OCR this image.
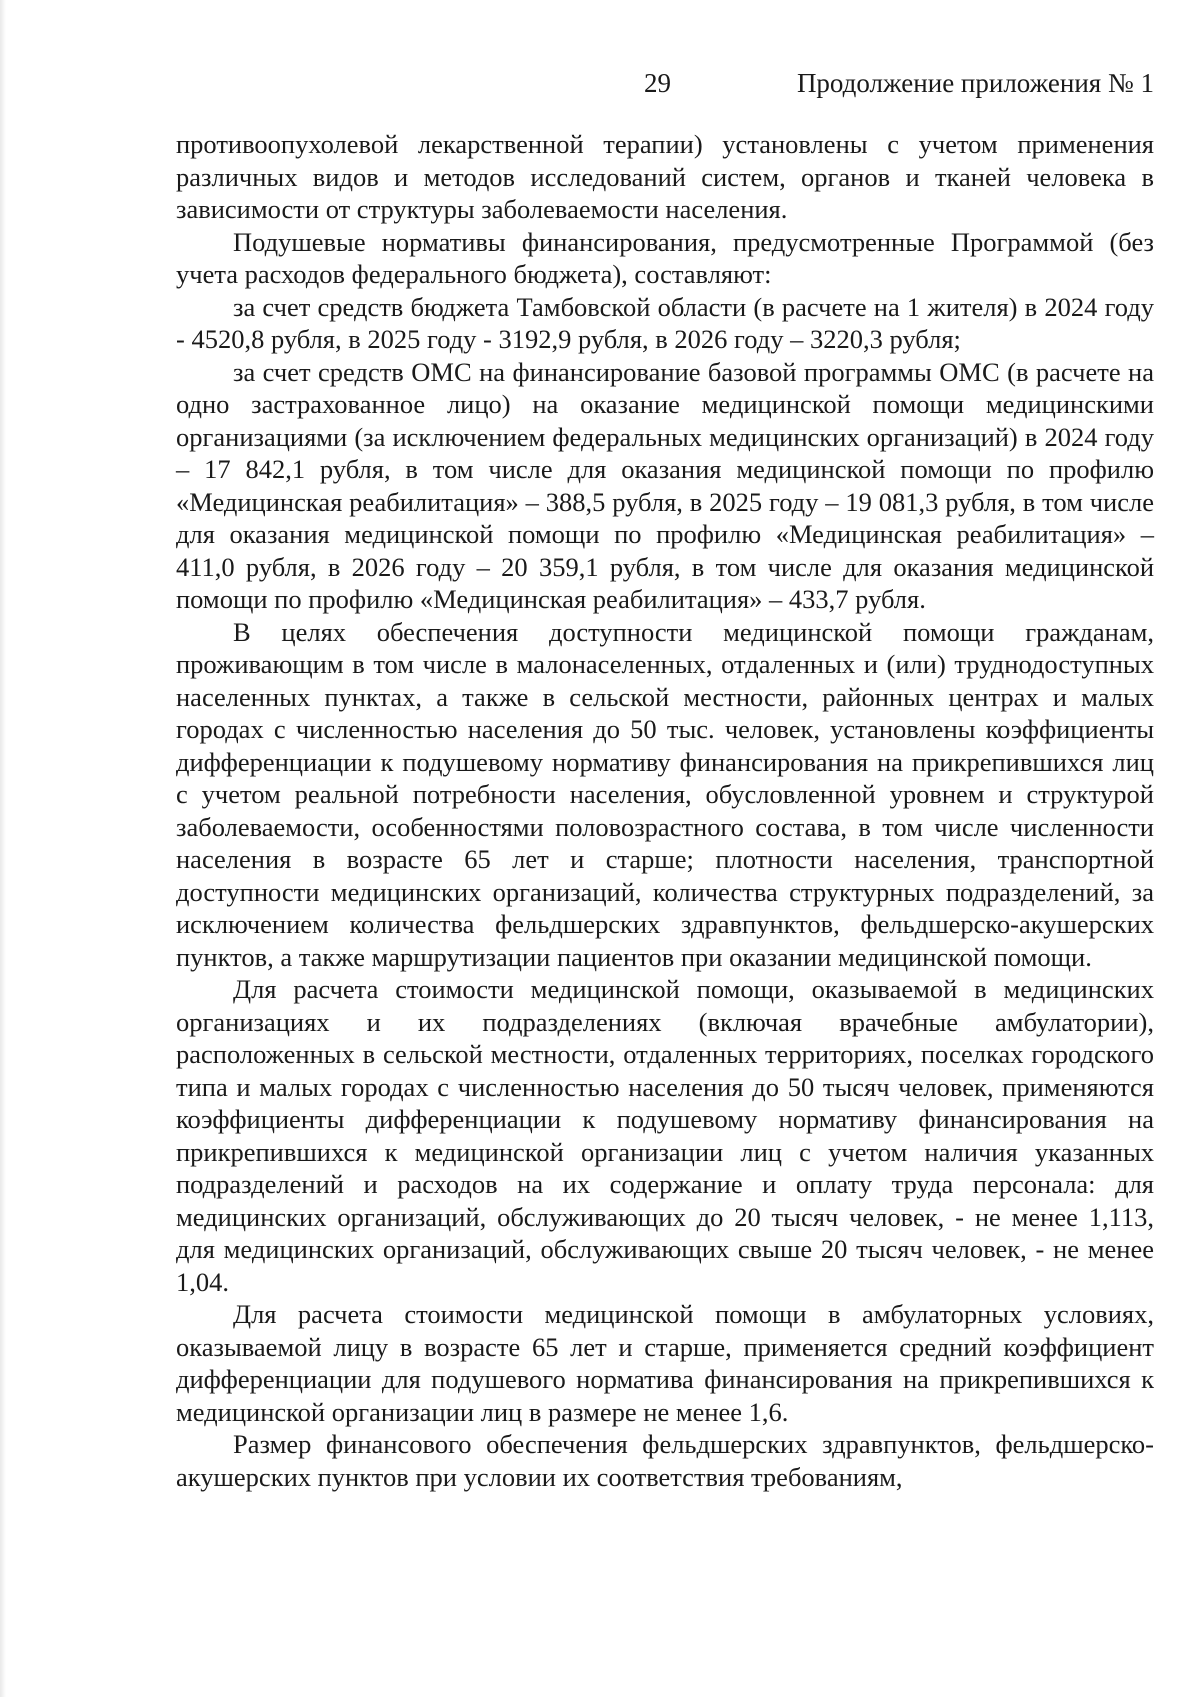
29	Продолжение приложения № 1

противоопухолевой лекарственной терапии) установлены с учетом применения различных видов и методов исследований систем, органов и тканей человека в зависимости от структуры заболеваемости населения.

Подушевые нормативы финансирования, предусмотренные Программой (без учета расходов федерального бюджета), составляют:

за счет средств бюджета Тамбовской области (в расчете на 1 жителя) в 2024 году - 4520,8 рубля, в 2025 году - 3192,9 рубля, в 2026 году – 3220,3 рубля;

за счет средств ОМС на финансирование базовой программы ОМС (в расчете на одно застрахованное лицо) на оказание медицинской помощи медицинскими организациями (за исключением федеральных медицинских организаций) в 2024 году – 17 842,1 рубля, в том числе для оказания медицинской помощи по профилю «Медицинская реабилитация» – 388,5 рубля, в 2025 году – 19 081,3 рубля, в том числе для оказания медицинской помощи по профилю «Медицинская реабилитация» – 411,0 рубля, в 2026 году – 20 359,1 рубля, в том числе для оказания медицинской помощи по профилю «Медицинская реабилитация» – 433,7 рубля.

В целях обеспечения доступности медицинской помощи гражданам, проживающим в том числе в малонаселенных, отдаленных и (или) труднодоступных населенных пунктах, а также в сельской местности, районных центрах и малых городах с численностью населения до 50 тыс. человек, установлены коэффициенты дифференциации к подушевому нормативу финансирования на прикрепившихся лиц с учетом реальной потребности населения, обусловленной уровнем и структурой заболеваемости, особенностями половозрастного состава, в том числе численности населения в возрасте 65 лет и старше; плотности населения, транспортной доступности медицинских организаций, количества структурных подразделений, за исключением количества фельдшерских здравпунктов, фельдшерско-акушерских пунктов, а также маршрутизации пациентов при оказании медицинской помощи.

Для расчета стоимости медицинской помощи, оказываемой в медицинских организациях и их подразделениях (включая врачебные амбулатории), расположенных в сельской местности, отдаленных территориях, поселках городского типа и малых городах с численностью населения до 50 тысяч человек, применяются коэффициенты дифференциации к подушевому нормативу финансирования на прикрепившихся к медицинской организации лиц с учетом наличия указанных подразделений и расходов на их содержание и оплату труда персонала: для медицинских организаций, обслуживающих до 20 тысяч человек, - не менее 1,113, для медицинских организаций, обслуживающих свыше 20 тысяч человек, - не менее 1,04.

Для расчета стоимости медицинской помощи в амбулаторных условиях, оказываемой лицу в возрасте 65 лет и старше, применяется средний коэффициент дифференциации для подушевого норматива финансирования на прикрепившихся к медицинской организации лиц в размере не менее 1,6.

Размер финансового обеспечения фельдшерских здравпунктов, фельдшерско-акушерских пунктов при условии их соответствия требованиям,
